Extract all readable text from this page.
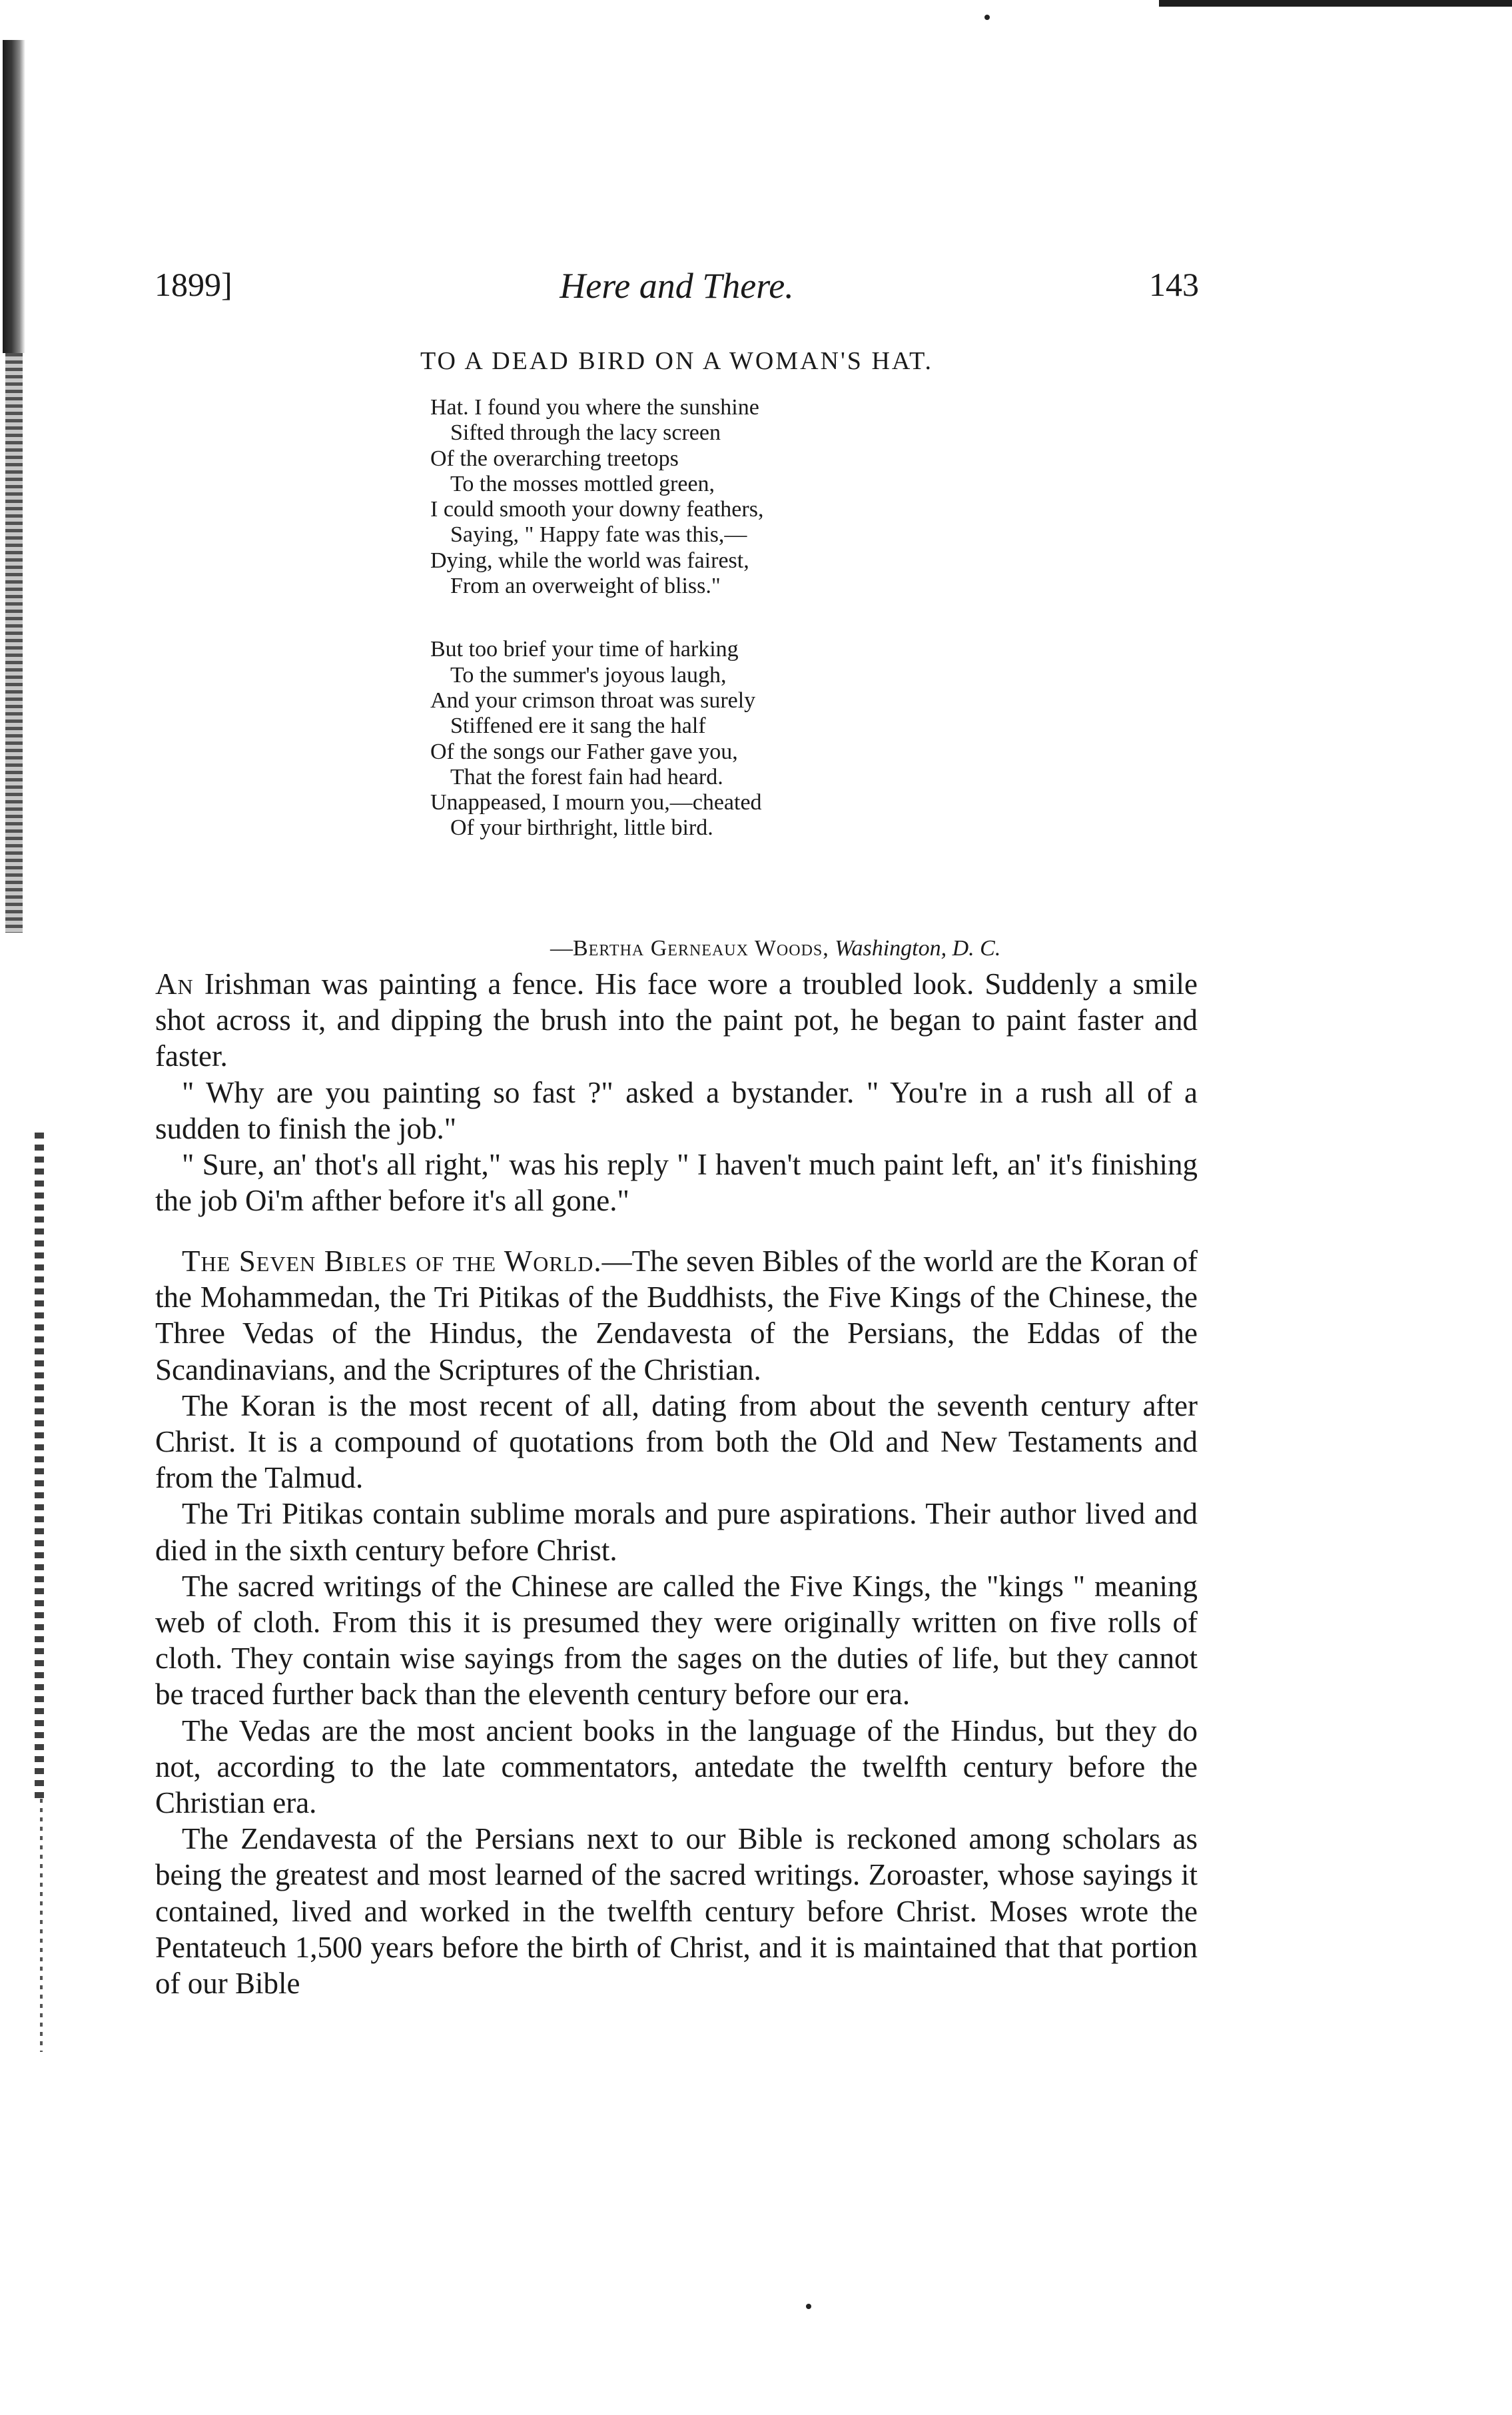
1899]	Here and There.	143
TO A DEAD BIRD ON A WOMAN'S HAT.
Hat. I found you where the sunshine
Sifted through the lacy screen
Of the overarching treetops
To the mosses mottled green,
I could smooth your downy feathers,
Saying, " Happy fate was this,—
Dying, while the world was fairest,
From an overweight of bliss."
But too brief your time of harking
To the summer's joyous laugh,
And your crimson throat was surely
Stiffened ere it sang the half
Of the songs our Father gave you,
That the forest fain had heard.
Unappeased, I mourn you,—cheated
Of your birthright, little bird.
—Bertha Gerneaux Woods, Washington, D. C.

An Irishman was painting a fence. His face wore a troubled look. Suddenly a smile shot across it, and dipping the brush into the paint pot, he began to paint faster and faster.

" Why are you painting so fast ?" asked a bystander. " You're in a rush all of a sudden to finish the job."

" Sure, an' thot's all right," was his reply " I haven't much paint left, an' it's finishing the job Oi'm afther before it's all gone."

The Seven Bibles of the World.—The seven Bibles of the world are the Koran of the Mohammedan, the Tri Pitikas of the Buddhists, the Five Kings of the Chinese, the Three Vedas of the Hindus, the Zendavesta of the Persians, the Eddas of the Scandinavians, and the Scriptures of the Christian.

The Koran is the most recent of all, dating from about the seventh century after Christ. It is a compound of quotations from both the Old and New Testaments and from the Talmud.

The Tri Pitikas contain sublime morals and pure aspirations. Their author lived and died in the sixth century before Christ.

The sacred writings of the Chinese are called the Five Kings, the "kings " meaning web of cloth. From this it is presumed they were originally written on five rolls of cloth. They contain wise sayings from the sages on the duties of life, but they cannot be traced further back than the eleventh century before our era.

The Vedas are the most ancient books in the language of the Hindus, but they do not, according to the late commentators, antedate the twelfth century before the Christian era.

The Zendavesta of the Persians next to our Bible is reckoned among scholars as being the greatest and most learned of the sacred writings. Zoroaster, whose sayings it contained, lived and worked in the twelfth century before Christ. Moses wrote the Pentateuch 1,500 years before the birth of Christ, and it is maintained that that portion of our Bible
